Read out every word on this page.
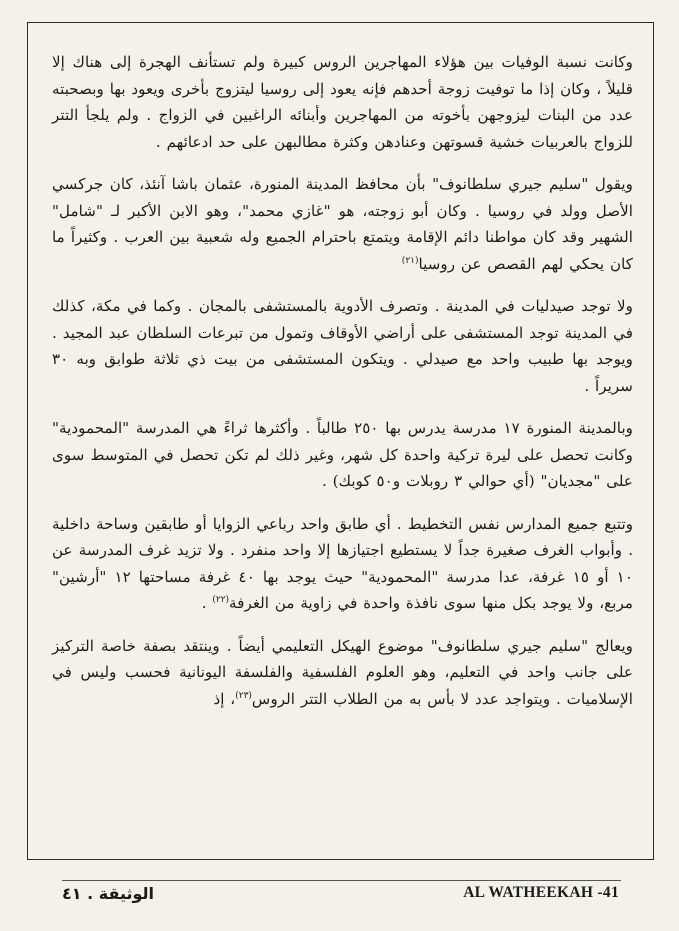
وكانت نسبة الوفيات بين هؤلاء المهاجرين الروس كبيرة ولم تستأنف الهجرة إلى هناك إلا قليلاً ، وكان إذا ما توفيت زوجة أحدهم فإنه يعود إلى روسيا ليتزوج بأخرى ويعود بها وبصحبته عدد من البنات ليزوجهن بأخوته من المهاجرين وأبنائه الراغبين في الزواج . ولم يلجأ التتر للزواج بالعربيات خشية قسوتهن وعنادهن وكثرة مطالبهن على حد ادعائهم .

ويقول "سليم جيري سلطانوف" بأن محافظ المدينة المنورة، عثمان باشا آنئذ، كان جركسي الأصل وولد في روسيا . وكان أبو زوجته، هو "غازي محمد"، وهو الابن الأكبر لـ "شامل" الشهير وقد كان مواطنا دائم الإقامة ويتمتع باحترام الجميع وله شعبية بين العرب . وكثيراً ما كان يحكي لهم القصص عن روسيا$^{(٢١)}$

ولا توجد صيدليات في المدينة . وتصرف الأدوية بالمستشفى بالمجان . وكما في مكة، كذلك في المدينة توجد المستشفى على أراضي الأوقاف وتمول من تبرعات السلطان عبد المجيد . ويوجد بها طبيب واحد مع صيدلي . ويتكون المستشفى من بيت ذي ثلاثة طوابق وبه ٣٠ سريراً .

وبالمدينة المنورة ١٧ مدرسة يدرس بها ٢٥٠ طالباً . وأكثرها ثراءً هي المدرسة "المحمودية" وكانت تحصل على ليرة تركية واحدة كل شهر، وغير ذلك لم تكن تحصل في المتوسط سوى على "مجديان" (أي حوالي ٣ روبلات و٥٠ كوبك) .

وتتبع جميع المدارس نفس التخطيط . أي طابق واحد رباعي الزوايا أو طابقين وساحة داخلية . وأبواب الغرف صغيرة جداً لا يستطيع اجتيازها إلا واحد منفرد . ولا تزيد غرف المدرسة عن ١٠ أو ١٥ غرفة، عدا مدرسة "المحمودية" حيث يوجد بها ٤٠ غرفة مساحتها ١٢ "أرشين" مربع، ولا يوجد بكل منها سوى نافذة واحدة في زاوية من الغرفة$^{(٢٢)}$ .

ويعالج "سليم جيري سلطانوف" موضوع الهيكل التعليمي أيضاً . وينتقد بصفة خاصة التركيز على جانب واحد في التعليم، وهو العلوم الفلسفية والفلسفة اليونانية فحسب وليس في الإسلاميات . ويتواجد عدد لا بأس به من الطلاب التتر الروس$^{(٢٣)}$، إذ

الوثيقة . ٤١	AL WATHEEKAH -41
